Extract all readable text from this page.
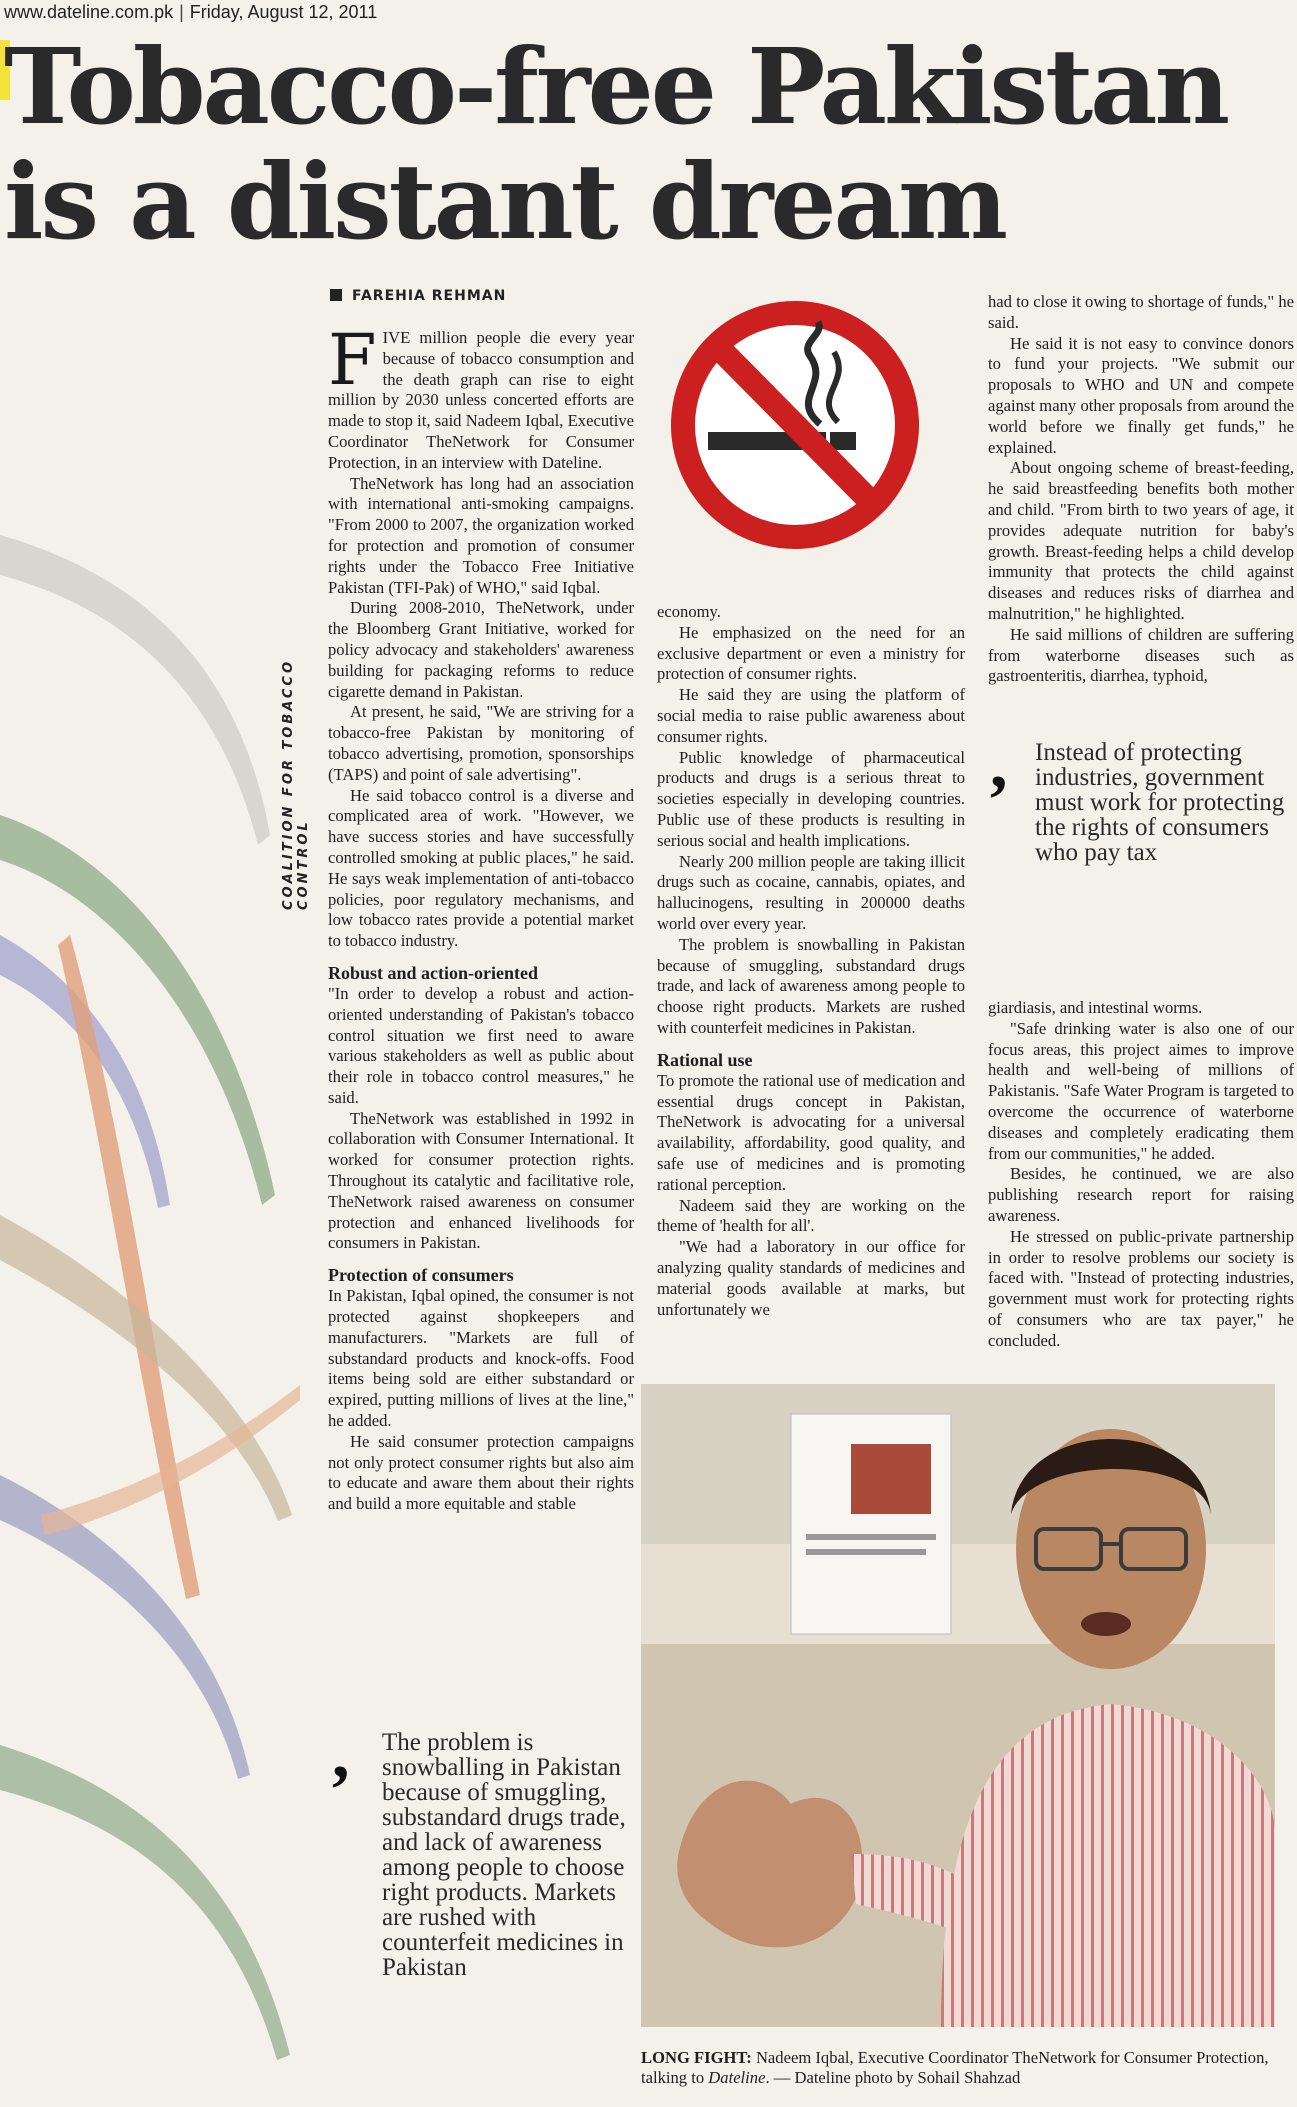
www.dateline.com.pk | Friday, August 12, 2011
Tobacco-free Pakistan
is a distant dream
COALITION FOR TOBACCO CONTROL
FAREHIA REHMAN

FIVE million people die every year because of tobacco consumption and the death graph can rise to eight million by 2030 unless concerted efforts are made to stop it, said Nadeem Iqbal, Executive Coordinator TheNetwork for Consumer Protection, in an interview with Dateline.

TheNetwork has long had an association with international anti-smoking campaigns. "From 2000 to 2007, the organization worked for protection and promotion of consumer rights under the Tobacco Free Initiative Pakistan (TFI-Pak) of WHO," said Iqbal.

During 2008-2010, TheNetwork, under the Bloomberg Grant Initiative, worked for policy advocacy and stakeholders' awareness building for packaging reforms to reduce cigarette demand in Pakistan.

At present, he said, "We are striving for a tobacco-free Pakistan by monitoring of tobacco advertising, promotion, sponsorships (TAPS) and point of sale advertising".

He said tobacco control is a diverse and complicated area of work. "However, we have success stories and have successfully controlled smoking at public places," he said. He says weak implementation of anti-tobacco policies, poor regulatory mechanisms, and low tobacco rates provide a potential market to tobacco industry.

Robust and action-oriented

"In order to develop a robust and action-oriented understanding of Pakistan's tobacco control situation we first need to aware various stakeholders as well as public about their role in tobacco control measures," he said.

TheNetwork was established in 1992 in collaboration with Consumer International. It worked for consumer protection rights. Throughout its catalytic and facilitative role, TheNetwork raised awareness on consumer protection and enhanced livelihoods for consumers in Pakistan.

Protection of consumers

In Pakistan, Iqbal opined, the consumer is not protected against shopkeepers and manufacturers. "Markets are full of substandard products and knock-offs. Food items being sold are either substandard or expired, putting millions of lives at the line," he added.

He said consumer protection campaigns not only protect consumer rights but also aim to educate and aware them about their rights and build a more equitable and stable

economy.

He emphasized on the need for an exclusive department or even a ministry for protection of consumer rights.

He said they are using the platform of social media to raise public awareness about consumer rights.

Public knowledge of pharmaceutical products and drugs is a serious threat to societies especially in developing countries. Public use of these products is resulting in serious social and health implications.

Nearly 200 million people are taking illicit drugs such as cocaine, cannabis, opiates, and hallucinogens, resulting in 200000 deaths world over every year.

The problem is snowballing in Pakistan because of smuggling, substandard drugs trade, and lack of awareness among people to choose right products. Markets are rushed with counterfeit medicines in Pakistan.

Rational use

To promote the rational use of medication and essential drugs concept in Pakistan, TheNetwork is advocating for a universal availability, affordability, good quality, and safe use of medicines and is promoting rational perception.

Nadeem said they are working on the theme of 'health for all'.

"We had a laboratory in our office for analyzing quality standards of medicines and material goods available at marks, but unfortunately we

had to close it owing to shortage of funds," he said.

He said it is not easy to convince donors to fund your projects. "We submit our proposals to WHO and UN and compete against many other proposals from around the world before we finally get funds," he explained.

About ongoing scheme of breast-feeding, he said breastfeeding benefits both mother and child. "From birth to two years of age, it provides adequate nutrition for baby's growth. Breast-feeding helps a child develop immunity that protects the child against diseases and reduces risks of diarrhea and malnutrition," he highlighted.

He said millions of children are suffering from waterborne diseases such as gastroenteritis, diarrhea, typhoid,

, Instead of protecting industries, government must work for protecting the rights of consumers who pay tax

giardiasis, and intestinal worms.

"Safe drinking water is also one of our focus areas, this project aimes to improve health and well-being of millions of Pakistanis. "Safe Water Program is targeted to overcome the occurrence of waterborne diseases and completely eradicating them from our communities," he added.

Besides, he continued, we are also publishing research report for raising awareness.

He stressed on public-private partnership in order to resolve problems our society is faced with. "Instead of protecting industries, government must work for protecting rights of consumers who are tax payer," he concluded.

, The problem is snowballing in Pakistan because of smuggling, substandard drugs trade, and lack of awareness among people to choose right products. Markets are rushed with counterfeit medicines in Pakistan
LONG FIGHT: Nadeem Iqbal, Executive Coordinator TheNetwork for Consumer Protection, talking to Dateline. — Dateline photo by Sohail Shahzad
